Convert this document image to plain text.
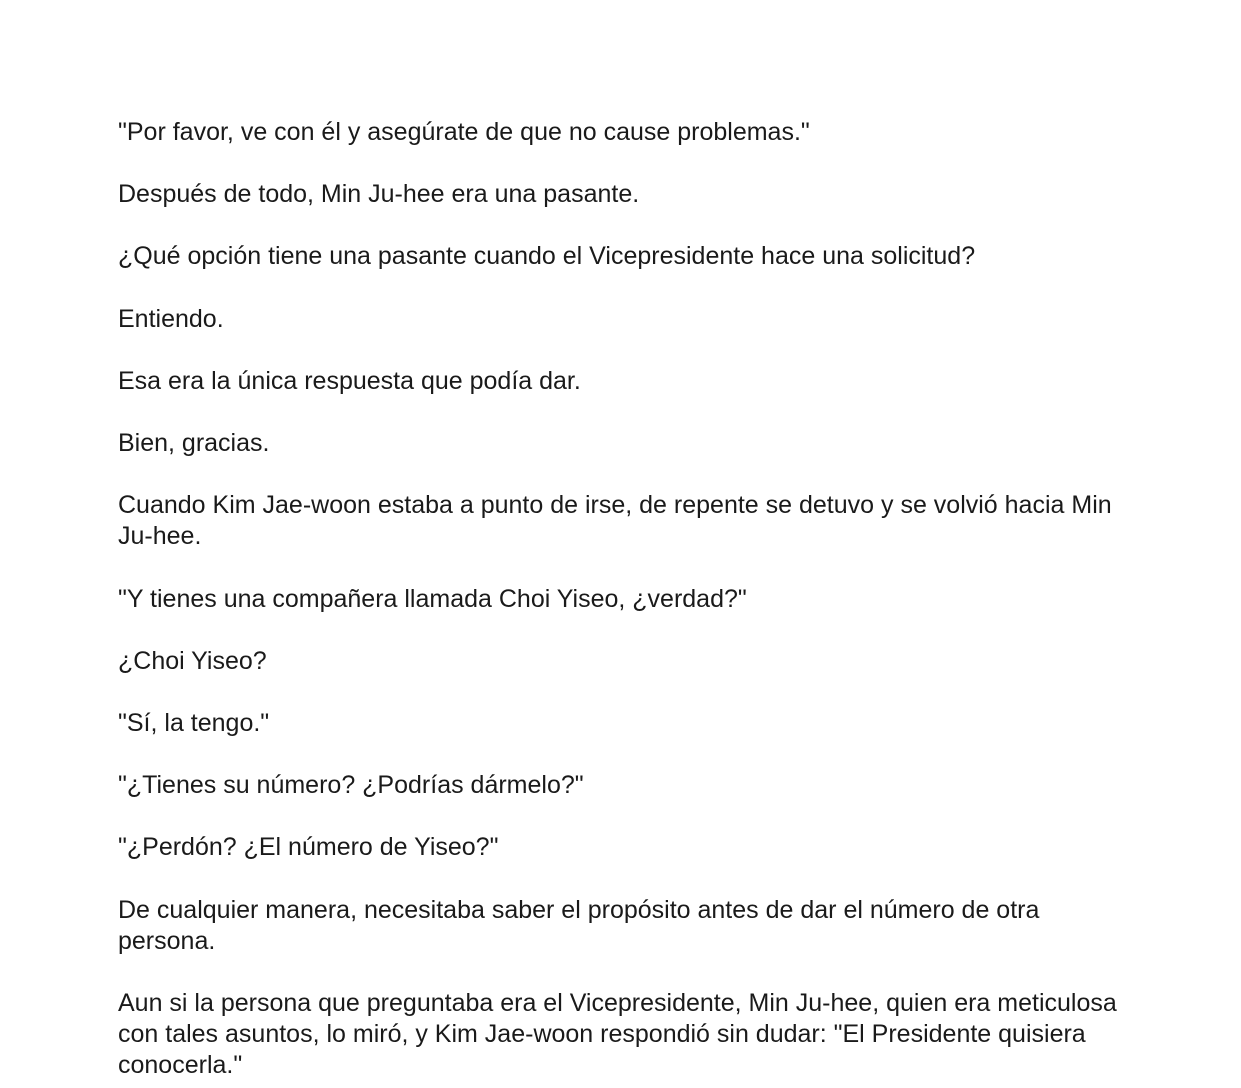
"Por favor, ve con él y asegúrate de que no cause problemas."

Después de todo, Min Ju-hee era una pasante.

¿Qué opción tiene una pasante cuando el Vicepresidente hace una solicitud?

Entiendo.

Esa era la única respuesta que podía dar.

Bien, gracias.

Cuando Kim Jae-woon estaba a punto de irse, de repente se detuvo y se volvió hacia Min Ju-hee.

"Y tienes una compañera llamada Choi Yiseo, ¿verdad?"

¿Choi Yiseo?

"Sí, la tengo."

"¿Tienes su número? ¿Podrías dármelo?"

"¿Perdón? ¿El número de Yiseo?"

De cualquier manera, necesitaba saber el propósito antes de dar el número de otra persona.

Aun si la persona que preguntaba era el Vicepresidente, Min Ju-hee, quien era meticulosa con tales asuntos, lo miró, y Kim Jae-woon respondió sin dudar: "El Presidente quisiera conocerla."
